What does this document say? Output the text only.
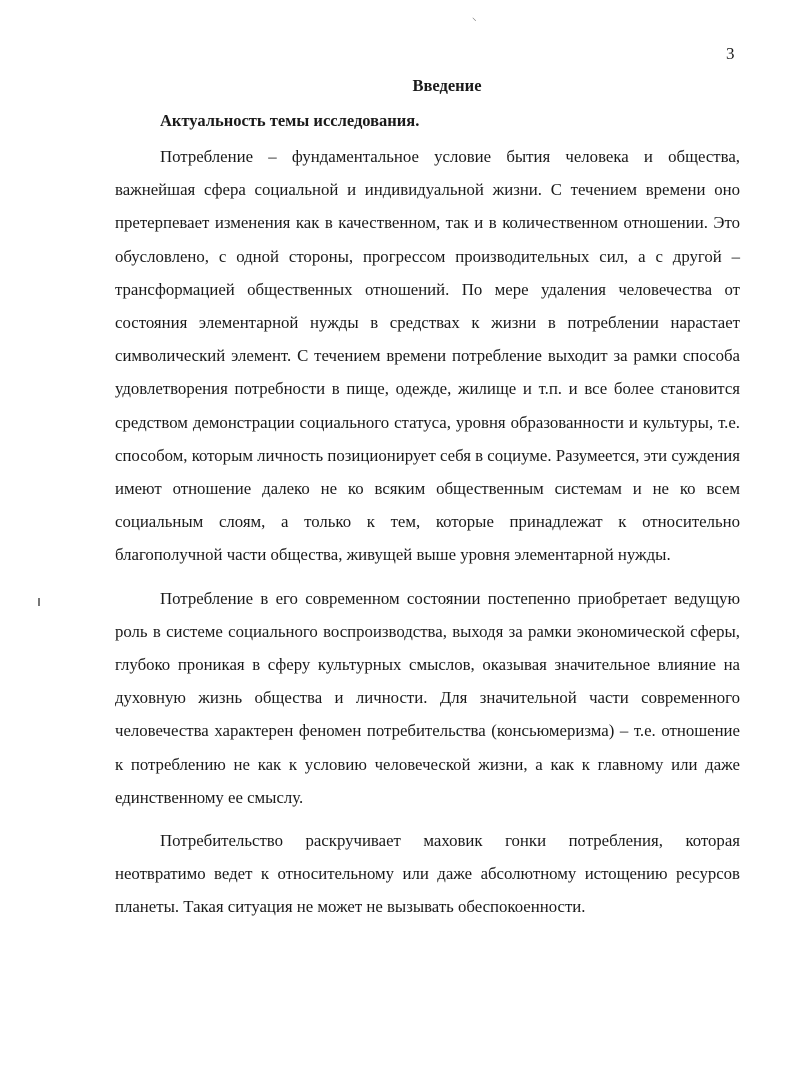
⸌
3
Введение
Актуальность темы исследования.

Потребление – фундаментальное условие бытия человека и общества, важнейшая сфера социальной и индивидуальной жизни. С течением времени оно претерпевает изменения как в качественном, так и в количественном отношении. Это обусловлено, с одной стороны, прогрессом производительных сил, а с другой – трансформацией общественных отношений. По мере удаления человечества от состояния элементарной нужды в средствах к жизни в потреблении нарастает символический элемент. С течением времени потребление выходит за рамки способа удовлетворения потребности в пище, одежде, жилище и т.п. и все более становится средством демонстрации социального статуса, уровня образованности и культуры, т.е. способом, которым личность позиционирует себя в социуме. Разумеется, эти суждения имеют отношение далеко не ко всяким общественным системам и не ко всем социальным слоям, а только к тем, которые принадлежат к относительно благополучной части общества, живущей выше уровня элементарной нужды.

Потребление в его современном состоянии постепенно приобретает ведущую роль в системе социального воспроизводства, выходя за рамки экономической сферы, глубоко проникая в сферу культурных смыслов, оказывая значительное влияние на духовную жизнь общества и личности. Для значительной части современного человечества характерен феномен потребительства (консьюмеризма) – т.е. отношение к потреблению не как к условию человеческой жизни, а как к главному или даже единственному ее смыслу.

Потребительство раскручивает маховик гонки потребления, которая неотвратимо ведет к относительному или даже абсолютному истощению ресурсов планеты. Такая ситуация не может не вызывать обеспокоенности.
